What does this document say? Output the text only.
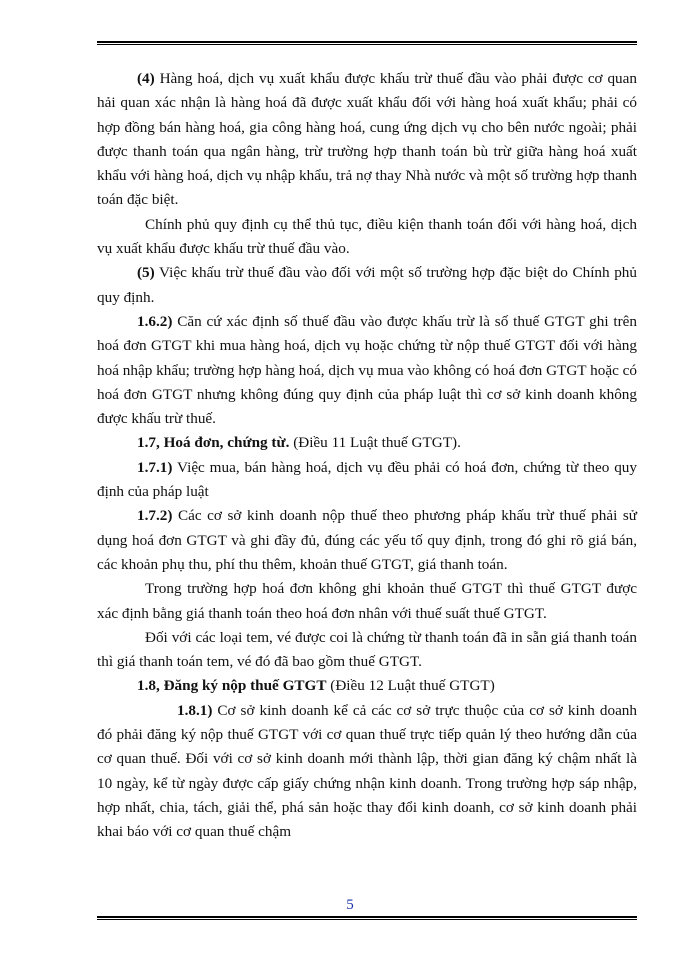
(4) Hàng hoá, dịch vụ xuất khẩu được khấu trừ thuế đầu vào phải được cơ quan hải quan xác nhận là hàng hoá đã được xuất khẩu đối với hàng hoá xuất khẩu; phải có hợp đồng bán hàng hoá, gia công hàng hoá, cung ứng dịch vụ cho bên nước ngoài; phải được thanh toán qua ngân hàng, trừ trường hợp thanh toán bù trừ giữa hàng hoá xuất khẩu với hàng hoá, dịch vụ nhập khẩu, trả nợ thay Nhà nước và một số trường hợp thanh toán đặc biệt.

Chính phủ quy định cụ thể thủ tục, điều kiện thanh toán đối với hàng hoá, dịch vụ xuất khẩu được khấu trừ thuế đầu vào.

(5) Việc khấu trừ thuế đầu vào đối với một số trường hợp đặc biệt do Chính phủ quy định.

1.6.2) Căn cứ xác định số thuế đầu vào được khấu trừ là số thuế GTGT ghi trên hoá đơn GTGT khi mua hàng hoá, dịch vụ hoặc chứng từ nộp thuế GTGT đối với hàng hoá nhập khẩu; trường hợp hàng hoá, dịch vụ mua vào không có hoá đơn GTGT hoặc có hoá đơn GTGT nhưng không đúng quy định của pháp luật thì cơ sở kinh doanh không được khấu trừ thuế.

1.7, Hoá đơn, chứng từ. (Điều 11 Luật thuế GTGT).

1.7.1) Việc mua, bán hàng hoá, dịch vụ đều phải có hoá đơn, chứng từ theo quy định của pháp luật

1.7.2) Các cơ sở kinh doanh nộp thuế theo phương pháp khấu trừ thuế phải sử dụng hoá đơn GTGT và ghi đầy đủ, đúng các yếu tố quy định, trong đó ghi rõ giá bán, các khoản phụ thu, phí thu thêm, khoản thuế GTGT, giá thanh toán.

Trong trường hợp hoá đơn không ghi khoản thuế GTGT thì thuế GTGT được xác định bằng giá thanh toán theo hoá đơn nhân với thuế suất thuế GTGT.

Đối với các loại tem, vé được coi là chứng từ thanh toán đã in sẵn giá thanh toán thì giá thanh toán tem, vé đó đã bao gồm thuế GTGT.

1.8, Đăng ký nộp thuế GTGT (Điều 12 Luật thuế GTGT)

1.8.1) Cơ sở kinh doanh kể cả các cơ sở trực thuộc của cơ sở kinh doanh đó phải đăng ký nộp thuế GTGT với cơ quan thuế trực tiếp quản lý theo hướng dẫn của cơ quan thuế. Đối với cơ sở kinh doanh mới thành lập, thời gian đăng ký chậm nhất là 10 ngày, kể từ ngày được cấp giấy chứng nhận kinh doanh. Trong trường hợp sáp nhập, hợp nhất, chia, tách, giải thể, phá sản hoặc thay đổi kinh doanh, cơ sở kinh doanh phải khai báo với cơ quan thuế chậm

5
